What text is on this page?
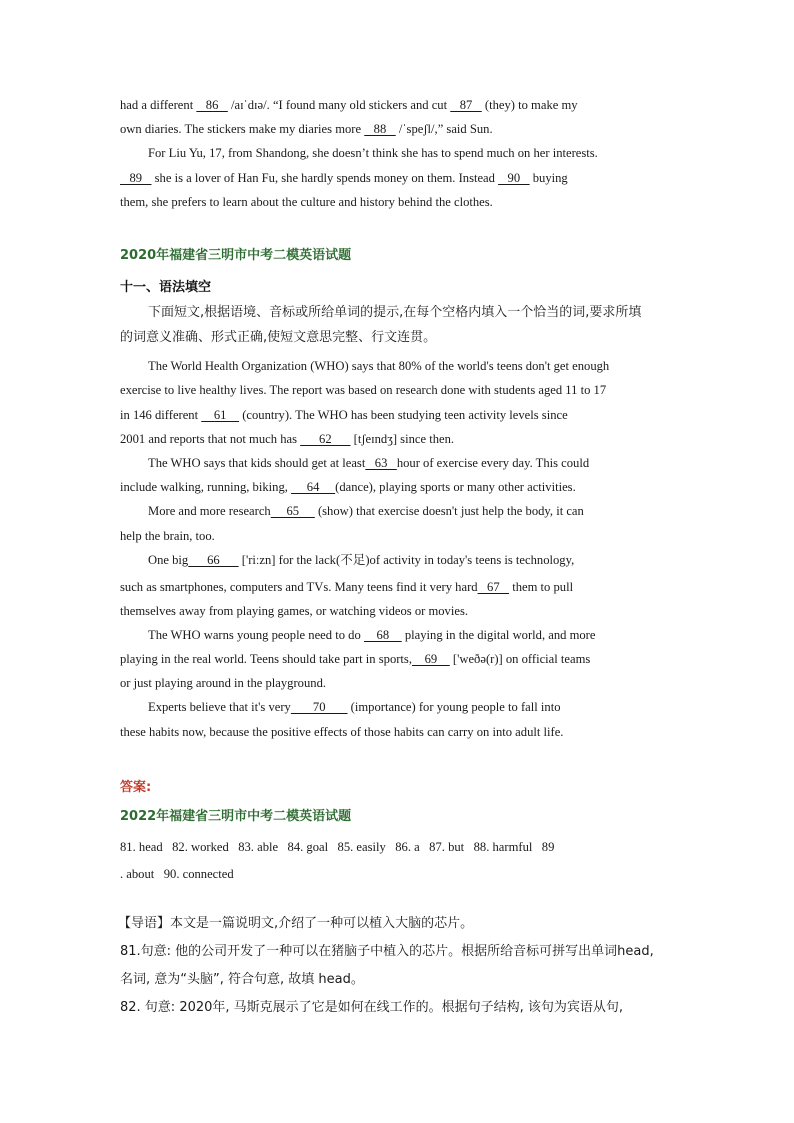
had a different    86    /aɪˈdɪə/. “I found many old stickers and cut    87    (they) to make my
own diaries. The stickers make my diaries more    88    /ˈspeʃl/,” said Sun.
For Liu Yu, 17, from Shandong, she doesn’t think she has to spend much on her interests.
89    she is a lover of Han Fu, she hardly spends money on them. Instead    90    buying
them, she prefers to learn about the culture and history behind the clothes.
2020年福建省三明市中考二模英语试题
十一、语法填空
下面短文,根据语境、音标或所给单词的提示,在每个空格内填入一个恰当的词,要求所填
的词意义准确、形式正确,使短文意思完整、行文连贯。
The World Health Organization (WHO) says that 80% of the world's teens don't get enough
exercise to live healthy lives. The report was based on research done with students aged 11 to 17
in 146 different     61     (country). The WHO has been studying teen activity levels since
2001 and reports that not much has       62       [tʃeɪndʒ] since then.
The WHO says that kids should get at least   63   hour of exercise every day. This could
include walking, running, biking,      64     (dance), playing sports or many other activities.
More and more research     65      (show) that exercise doesn't just help the body, it can
help the brain, too.
One big      66       ['riːzn] for the lack(不足)of activity in today's teens is technology,
such as smartphones, computers and TVs. Many teens find it very hard   67    them to pull
themselves away from playing games, or watching videos or movies.
The WHO warns young people need to do     68     playing in the digital world, and more
playing in the real world. Teens should take part in sports,    69     ['weðə(r)] on official teams
or just playing around in the playground.
Experts believe that it's very       70        (importance) for young people to fall into
these habits now, because the positive effects of those habits can carry on into adult life.
答案:
2022年福建省三明市中考二模英语试题
81. head   82. worked   83. able   84. goal   85. easily   86. a   87. but   88. harmful   89
. about   90. connected
【导语】本文是一篇说明文,介绍了一种可以植入大脑的芯片。
81.句意: 他的公司开发了一种可以在猪脑子中植入的芯片。根据所给音标可拼写出单词head,
名词, 意为“头脑”, 符合句意, 故填 head。
82. 句意: 2020年, 马斯克展示了它是如何在线工作的。根据句子结构, 该句为宾语从句,
